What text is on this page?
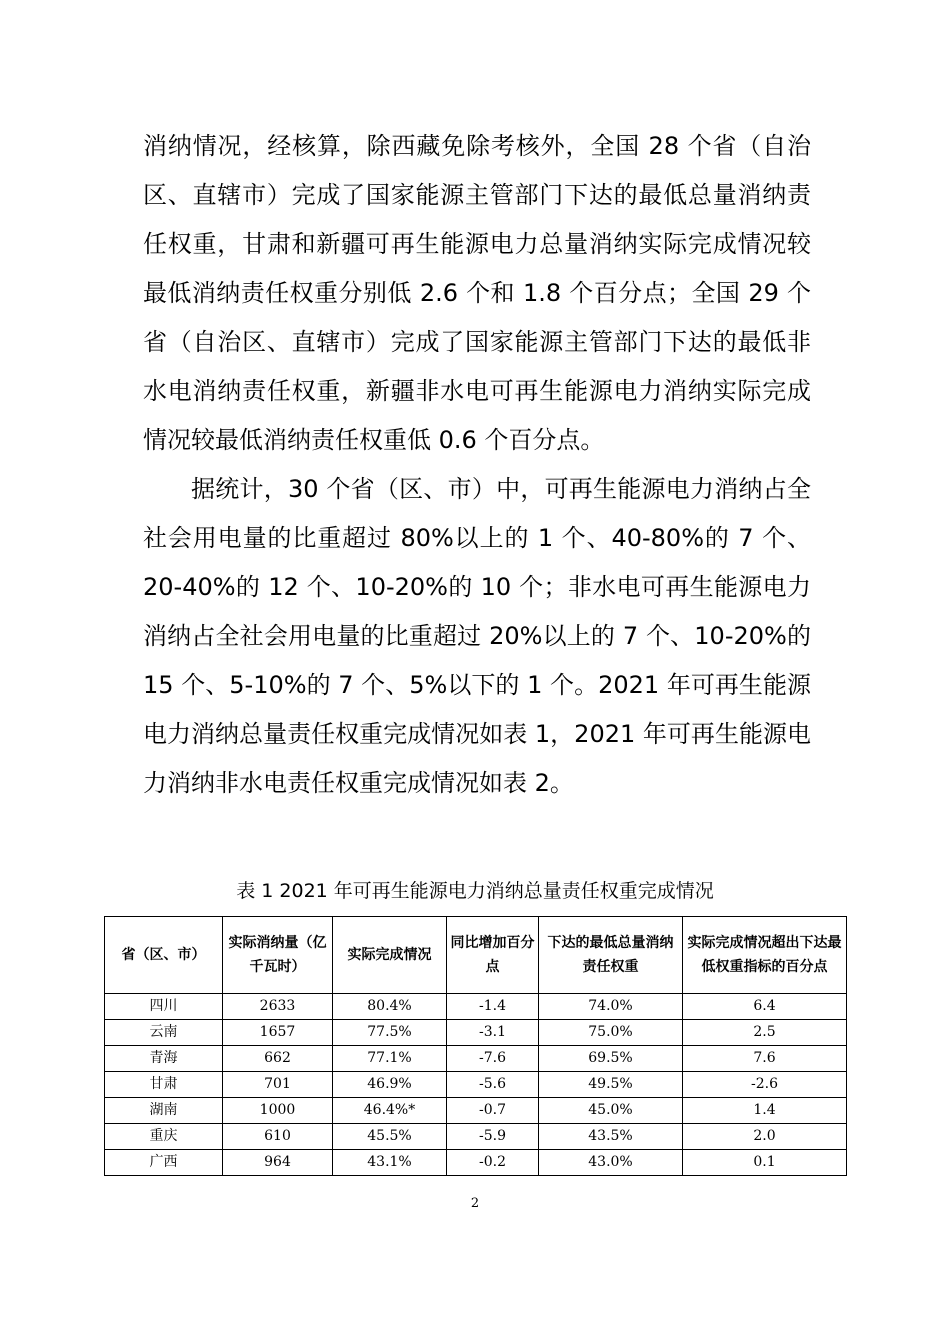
消纳情况，经核算，除西藏免除考核外，全国 28 个省（自治区、直辖市）完成了国家能源主管部门下达的最低总量消纳责任权重，甘肃和新疆可再生能源电力总量消纳实际完成情况较最低消纳责任权重分别低 2.6 个和 1.8 个百分点；全国 29 个省（自治区、直辖市）完成了国家能源主管部门下达的最低非水电消纳责任权重，新疆非水电可再生能源电力消纳实际完成情况较最低消纳责任权重低 0.6 个百分点。

据统计，30 个省（区、市）中，可再生能源电力消纳占全社会用电量的比重超过 80%以上的 1 个、40-80%的 7 个、20-40%的 12 个、10-20%的 10 个；非水电可再生能源电力消纳占全社会用电量的比重超过 20%以上的 7 个、10-20%的 15 个、5-10%的 7 个、5%以下的 1 个。2021 年可再生能源电力消纳总量责任权重完成情况如表 1，2021 年可再生能源电力消纳非水电责任权重完成情况如表 2。

表 1 2021 年可再生能源电力消纳总量责任权重完成情况
省（区、市）	实际消纳量（亿千瓦时）	实际完成情况	同比增加百分点	下达的最低总量消纳责任权重	实际完成情况超出下达最低权重指标的百分点
四川	2633	80.4%	-1.4	74.0%	6.4
云南	1657	77.5%	-3.1	75.0%	2.5
青海	662	77.1%	-7.6	69.5%	7.6
甘肃	701	46.9%	-5.6	49.5%	-2.6
湖南	1000	46.4%*	-0.7	45.0%	1.4
重庆	610	45.5%	-5.9	43.5%	2.0
广西	964	43.1%	-0.2	43.0%	0.1
2
